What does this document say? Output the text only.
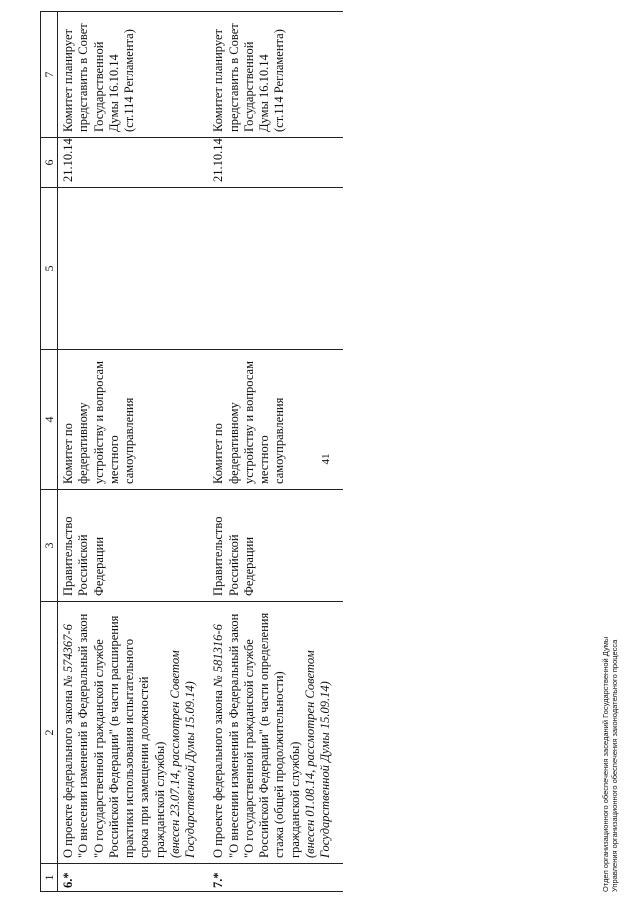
41
1	2	3	4	5	6	7
6.*	О проекте федерального закона № 574367-6 "О внесении изменений в Федеральный закон "О государственной гражданской службе Российской Федерации" (в части расширения практики использования испытательного срока при замещении должностей гражданской службы) (внесен 23.07.14, рассмотрен Советом Государственной Думы 15.09.14)	Правительство Российской Федерации	Комитет по федеративному устройству и вопросам местного самоуправления		21.10.14	Комитет планирует представить в Совет Государственной Думы 16.10.14 (ст.114 Регламента)
7.*	О проекте федерального закона № 581316-6 "О внесении изменений в Федеральный закон "О государственной гражданской службе Российской Федерации" (в части определения стажа (общей продолжительности) гражданской службы) (внесен 01.08.14, рассмотрен Советом Государственной Думы 15.09.14)	Правительство Российской Федерации	Комитет по федеративному устройству и вопросам местного самоуправления		21.10.14	Комитет планирует представить в Совет Государственной Думы 16.10.14 (ст.114 Регламента)
Отдел организационного обеспечения заседаний Государственной Думы Управления организационного обеспечения законодательного процесса
